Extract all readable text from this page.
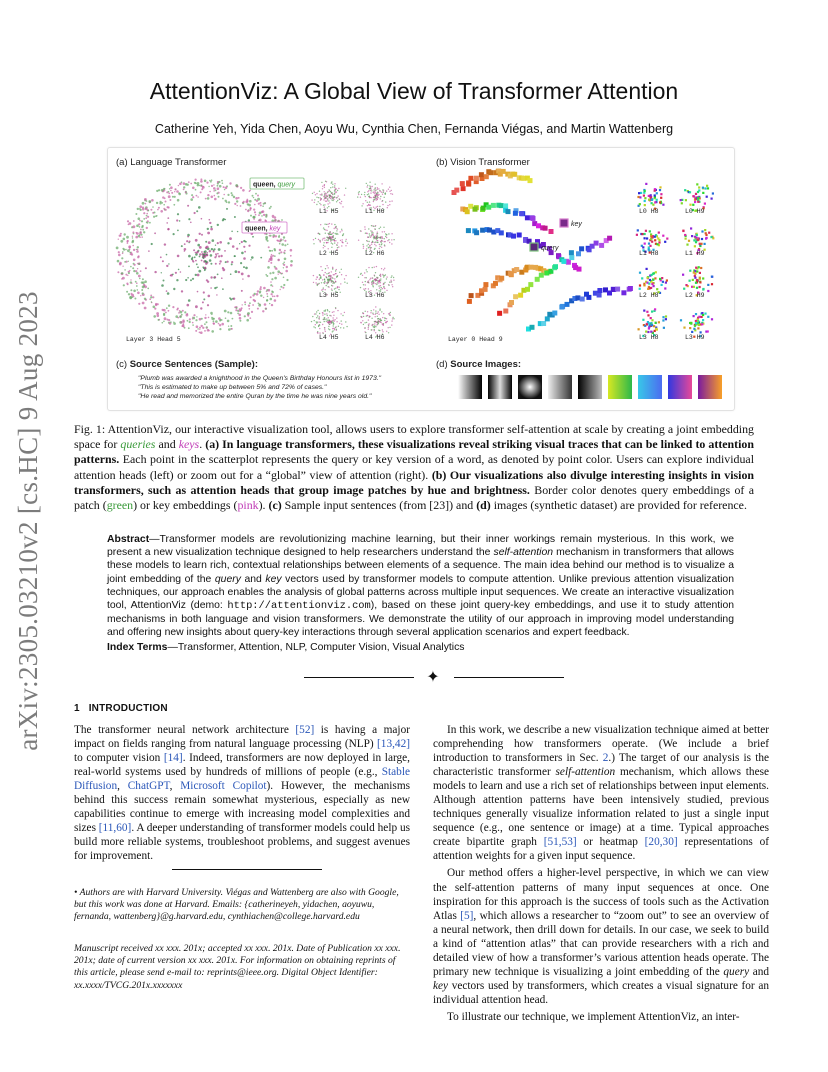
arXiv:2305.03210v2 [cs.HC] 9 Aug 2023
AttentionViz: A Global View of Transformer Attention
Catherine Yeh, Yida Chen, Aoyu Wu, Cynthia Chen, Fernanda Viégas, and Martin Wattenberg
(a) Language Transformer
queen, query
queen, key
Layer 3 Head 5
L1 H5	L1 H6
L2 H5	L2 H6
L3 H5	L3 H6
L4 H5	L4 H6
(b) Vision Transformer
key
query
Layer 0 Head 9
L0 H8	L0 H9
L1 H8	L1 H9
L2 H8	L2 H9
L3 H8	L3 H9
(c) Source Sentences (Sample):
"Plumb was awarded a knighthood in the Queen's Birthday Honours list in 1973."
"This is estimated to make up between 5% and 72% of cases."
"He read and memorized the entire Quran by the time he was nine years old."
(d) Source Images:
Fig. 1: AttentionViz, our interactive visualization tool, allows users to explore transformer self-attention at scale by creating a joint embedding space for queries and keys. (a) In language transformers, these visualizations reveal striking visual traces that can be linked to attention patterns. Each point in the scatterplot represents the query or key version of a word, as denoted by point color. Users can explore individual attention heads (left) or zoom out for a “global” view of attention (right). (b) Our visualizations also divulge interesting insights in vision transformers, such as attention heads that group image patches by hue and brightness. Border color denotes query embeddings of a patch (green) or key embeddings (pink). (c) Sample input sentences (from [23]) and (d) images (synthetic dataset) are provided for reference.
Abstract—Transformer models are revolutionizing machine learning, but their inner workings remain mysterious. In this work, we present a new visualization technique designed to help researchers understand the self-attention mechanism in transformers that allows these models to learn rich, contextual relationships between elements of a sequence. The main idea behind our method is to visualize a joint embedding of the query and key vectors used by transformer models to compute attention. Unlike previous attention visualization techniques, our approach enables the analysis of global patterns across multiple input sequences. We create an interactive visualization tool, AttentionViz (demo: http://attentionviz.com), based on these joint query-key embeddings, and use it to study attention mechanisms in both language and vision transformers. We demonstrate the utility of our approach in improving model understanding and offering new insights about query-key interactions through several application scenarios and expert feedback.
Index Terms—Transformer, Attention, NLP, Computer Vision, Visual Analytics
✦
1 INTRODUCTION

The transformer neural network architecture [52] is having a major impact on fields ranging from natural language processing (NLP) [13,42] to computer vision [14]. Indeed, transformers are now deployed in large, real-world systems used by hundreds of millions of people (e.g., Stable Diffusion, ChatGPT, Microsoft Copilot). However, the mechanisms behind this success remain somewhat mysterious, especially as new capabilities continue to emerge with increasing model complexities and sizes [11,60]. A deeper understanding of transformer models could help us build more reliable systems, troubleshoot problems, and suggest avenues for improvement.

• Authors are with Harvard University. Viégas and Wattenberg are also with Google, but this work was done at Harvard. Emails: {catherineyeh, yidachen, aoyuwu, fernanda, wattenberg}@g.harvard.edu, cynthiachen@college.harvard.edu
Manuscript received xx xxx. 201x; accepted xx xxx. 201x. Date of Publication xx xxx. 201x; date of current version xx xxx. 201x. For information on obtaining reprints of this article, please send e-mail to: reprints@ieee.org. Digital Object Identifier: xx.xxxx/TVCG.201x.xxxxxxx

In this work, we describe a new visualization technique aimed at better comprehending how transformers operate. (We include a brief introduction to transformers in Sec. 2.) The target of our analysis is the characteristic transformer self-attention mechanism, which allows these models to learn and use a rich set of relationships between input elements. Although attention patterns have been intensively studied, previous techniques generally visualize information related to just a single input sequence (e.g., one sentence or image) at a time. Typical approaches create bipartite graph [51,53] or heatmap [20,30] representations of attention weights for a given input sequence.

Our method offers a higher-level perspective, in which we can view the self-attention patterns of many input sequences at once. One inspiration for this approach is the success of tools such as the Activation Atlas [5], which allows a researcher to “zoom out” to see an overview of a neural network, then drill down for details. In our case, we seek to build a kind of “attention atlas” that can provide researchers with a rich and detailed view of how a transformer’s various attention heads operate. The primary new technique is visualizing a joint embedding of the query and key vectors used by transformers, which creates a visual signature for an individual attention head.

To illustrate our technique, we implement AttentionViz, an inter-
